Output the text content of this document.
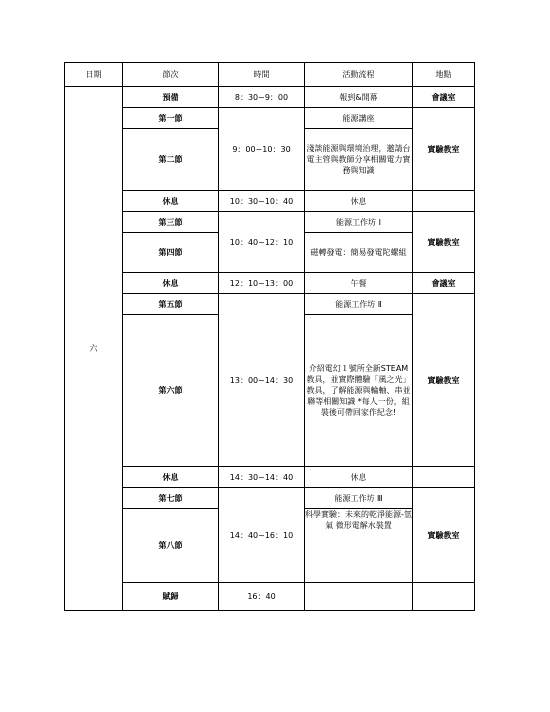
日期	節次	時間	活動流程	地點
六	預備	8：30~9：00	報到&開幕	會議室
	第一節	9：00~10：30	能源講座	實驗教室
	第二節		淺談能源與環境治理，邀請台電主管與教師分享相關電力實務與知識	
	休息	10：30~10：40	休息	
	第三節	10：40~12：10	能源工作坊 Ⅰ	實驗教室
	第四節		磁轉發電：簡易發電陀螺組	
	休息	12：10~13：00	午餐	會議室
	第五節	13：00~14：30	能源工作坊 Ⅱ	實驗教室
	第六節		介紹電幻１號所全新STEAM教具，並實際體驗「風之光」教具，了解能源與輪軸、串並聯等相關知識 *每人一份，組裝後可帶回家作紀念!	
	休息	14：30~14：40	休息	
	第七節	14：40~16：10	能源工作坊 Ⅲ	實驗教室
	第八節		科學實驗：未來的乾淨能源-氫氣 微形電解水裝置	
	賦歸	16：40		
